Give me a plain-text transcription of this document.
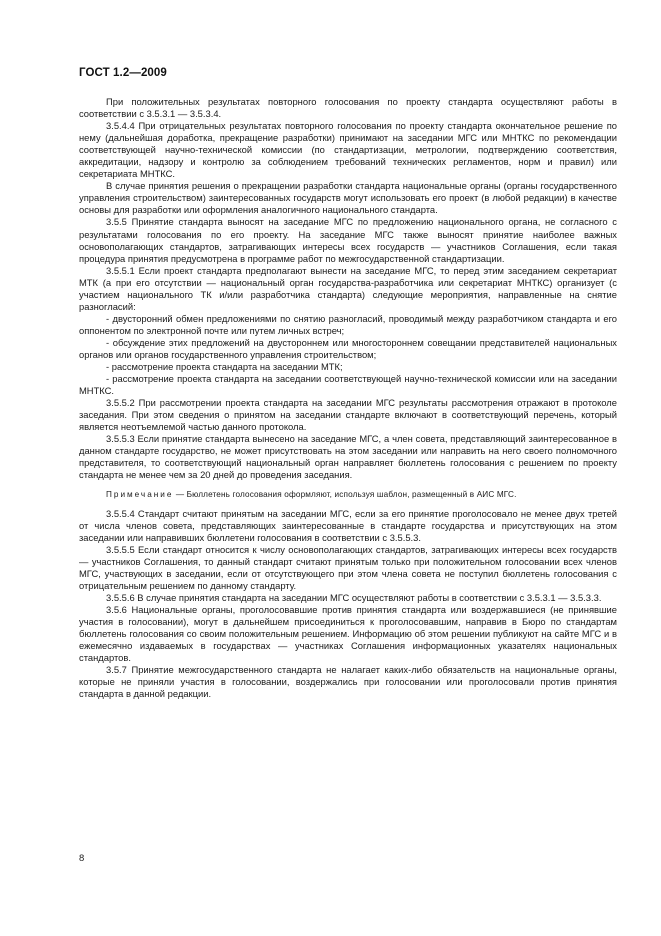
ГОСТ 1.2—2009

При положительных результатах повторного голосования по проекту стандарта осуществляют работы в соответствии с 3.5.3.1 — 3.5.3.4.

3.5.4.4 При отрицательных результатах повторного голосования по проекту стандарта окончательное решение по нему (дальнейшая доработка, прекращение разработки) принимают на заседании МГС или МНТКС по рекомендации соответствующей научно-технической комиссии (по стандартизации, метрологии, подтверждению соответствия, аккредитации, надзору и контролю за соблюдением требований технических регламентов, норм и правил) или секретариата МНТКС.

В случае принятия решения о прекращении разработки стандарта национальные органы (органы государственного управления строительством) заинтересованных государств могут использовать его проект (в любой редакции) в качестве основы для разработки или оформления аналогичного национального стандарта.

3.5.5 Принятие стандарта выносят на заседание МГС по предложению национального органа, не согласного с результатами голосования по его проекту. На заседание МГС также выносят принятие наиболее важных основополагающих стандартов, затрагивающих интересы всех государств — участников Соглашения, если такая процедура принятия предусмотрена в программе работ по межгосударственной стандартизации.

3.5.5.1 Если проект стандарта предполагают вынести на заседание МГС, то перед этим заседанием секретариат МТК (а при его отсутствии — национальный орган государства-разработчика или секретариат МНТКС) организует (с участием национального ТК и/или разработчика стандарта) следующие мероприятия, направленные на снятие разногласий:

- двусторонний обмен предложениями по снятию разногласий, проводимый между разработчиком стандарта и его оппонентом по электронной почте или путем личных встреч;

- обсуждение этих предложений на двустороннем или многостороннем совещании представителей национальных органов или органов государственного управления строительством;

- рассмотрение проекта стандарта на заседании МТК;

- рассмотрение проекта стандарта на заседании соответствующей научно-технической комиссии или на заседании МНТКС.

3.5.5.2 При рассмотрении проекта стандарта на заседании МГС результаты рассмотрения отражают в протоколе заседания. При этом сведения о принятом на заседании стандарте включают в соответствующий перечень, который является неотъемлемой частью данного протокола.

3.5.5.3 Если принятие стандарта вынесено на заседание МГС, а член совета, представляющий заинтересованное в данном стандарте государство, не может присутствовать на этом заседании или направить на него своего полномочного представителя, то соответствующий национальный орган направляет бюллетень голосования с решением по проекту стандарта не менее чем за 20 дней до проведения заседания.

Примечание — Бюллетень голосования оформляют, используя шаблон, размещенный в АИС МГС.

3.5.5.4 Стандарт считают принятым на заседании МГС, если за его принятие проголосовало не менее двух третей от числа членов совета, представляющих заинтересованные в стандарте государства и присутствующих на этом заседании или направивших бюллетени голосования в соответствии с 3.5.5.3.

3.5.5.5 Если стандарт относится к числу основополагающих стандартов, затрагивающих интересы всех государств — участников Соглашения, то данный стандарт считают принятым только при положительном голосовании всех членов МГС, участвующих в заседании, если от отсутствующего при этом члена совета не поступил бюллетень голосования с отрицательным решением по данному стандарту.

3.5.5.6 В случае принятия стандарта на заседании МГС осуществляют работы в соответствии с 3.5.3.1 — 3.5.3.3.

3.5.6 Национальные органы, проголосовавшие против принятия стандарта или воздержавшиеся (не принявшие участия в голосовании), могут в дальнейшем присоединиться к проголосовавшим, направив в Бюро по стандартам бюллетень голосования со своим положительным решением. Информацию об этом решении публикуют на сайте МГС и в ежемесячно издаваемых в государствах — участниках Соглашения информационных указателях национальных стандартов.

3.5.7 Принятие межгосударственного стандарта не налагает каких-либо обязательств на национальные органы, которые не приняли участия в голосовании, воздержались при голосовании или проголосовали против принятия стандарта в данной редакции.

8
